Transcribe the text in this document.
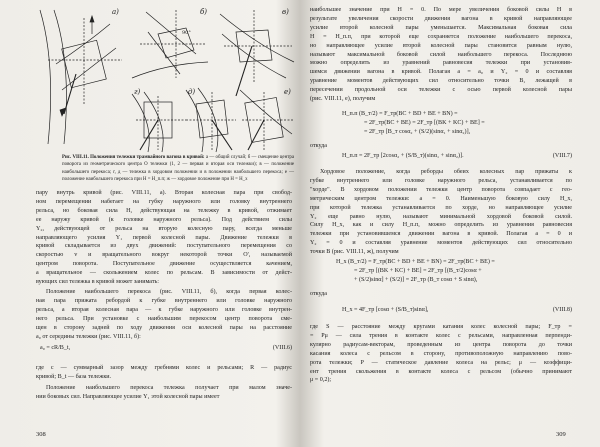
а)	б)	в)
г)	д)	е)
90°
Рис. VIII.11. Положения тележки трамвайного вагона в кривой: а — общий случай; б — смещение центра поворота из геометрического центра О тележки (1, 2 — первая и вторая оси тележки); в — положение наибольшего перекоса; г, д — тележка в хордовом положении и в положении наибольшего перекоса; е — положение наибольшего перекоса при H = H_п.п; ж — хордовое положение при H = H_х
пару внутрь кривой (рис. VIII.11, а). Вторая колесная пара при свобод-
ном перемещении набегает на губку наружного или головку внутреннего
рельса, но боковая сила H, действующая на тележку в кривой, отжимает
ее наружу кривой (к головке наружного рельса). Под действием силы
Y₂, действующей от рельса на вторую колесную пару, всегда меньше
направляющего усилия Y₁ первой колесной пары. Движение тележки в
кривой складывается из двух движений: поступательного перемещения со
скоростью v и вращательного вокруг некоторой точки O', называемой
центром поворота. Поступательное движение осуществляется качением,
а вращательное — скольжением колес по рельсам. В зависимости от дейст-
вующих сил тележка в кривой может занимать:
Положение наибольшего перекоса (рис. VIII.11, б), когда первая колес-
ная пара прижата ребордой к губке внутреннего или головке наружного
рельса, а вторая колесная пара — к губке наружного или головке внутрен-
него рельса. При установке с наибольшим перекосом центр поворота сме-
щен в сторону задней по ходу движения оси колесной пары на расстояние
a₀ от середины тележки (рис. VIII.11, б):
a₀ = cR/B_t,	(VIII.6)
где c — суммарный зазор между гребнями колес и рельсами; R — радиус
кривой; B_t — база тележки.
Положение наибольшего перекоса тележка получает при малом значе-
нии боковых сил. Направляющее усилие Y₁ этой колесной пары имеет
308
наибольшее значение при H = 0. По мере увеличения боковой силы H в
результате увеличения скорости движения вагона в кривой направляющее
усилие второй колесной пары уменьшается. Максимальная боковая сила
H = H_п.п, при которой еще сохраняется положение наибольшего перекоса,
но направляющее усилие второй колесной пары становится равным нулю,
называют максимальной боковой силой наибольшего перекоса. Последнюю
можно определить из уравнений равновесия тележки при установив-
шемся движении вагона в кривой. Полагая a = a₀ и Y₂ = 0 и составляя
уравнение моментов действующих сил относительно точки B, лежащей в
пересечении продольной оси тележки с осью первой колесной пары
(рис. VIII.11, е), получим
H_п.п (B_т/2) = F_тр(BC + BD + BE + BN) =
= 2F_тр(BC + BE) = 2F_тр [(BK + KC) + BE] =
= 2F_тр [B_т cosα₂ + (S/2)(sinα₁ + sinα₂)],
откуда
H_п.п = 2F_тр [2cosα₂ + (S/B_т)(sinα₁ + sinα₂)].	(VIII.7)
Хордовое положение, когда реборды обеих колесных пар прижаты к
губке внутреннего или головке наружного рельса, устанавливается по
"хорде". В хордовом положении тележки центр поворота совпадает с гео-
метрическим центром тележки: a = 0. Наименьшую боковую силу H_х,
при которой тележка устанавливается по хорде, но направляющее усилие
Y₂ еще равно нулю, называют минимальной хордовой боковой силой.
Силу H_х, как и силу H_п.п, можно определить из уравнения равновесия
тележки при установившемся движении вагона в кривой. Полагая a = 0 и
Y₂ = 0 и составляя уравнение моментов действующих сил относительно
точки B (рис. VIII.11, ж), получим
H_х (B_т/2) = F_тр(BC + BD + BE + BN) = 2F_тр(BC + BE) =
= 2F_тр [(BK + KC) + BE] = 2F_тр [(B_т/2)cosα +
+ (S/2)sinα] + (S/2)] = 2F_тр (B_т cosα + S sinα),
откуда
H_х = 4F_тр [cosα + (S/B_т)sinα],	(VIII.8)
где S — расстояние между кругами катания колес колесной пары; F_тр =
= Pμ — сила трения в контакте колес с рельсами, направленная перпенди-
кулярно радиусам-векторам, проведенным из центра поворота до точки
касания колеса с рельсом в сторону, противоположную направлению пово-
рота тележки; P — статическое давление колеса на рельс; μ — коэффици-
ент трения скольжения в контакте колеса с рельсом (обычно принимают
μ = 0,2);
309
